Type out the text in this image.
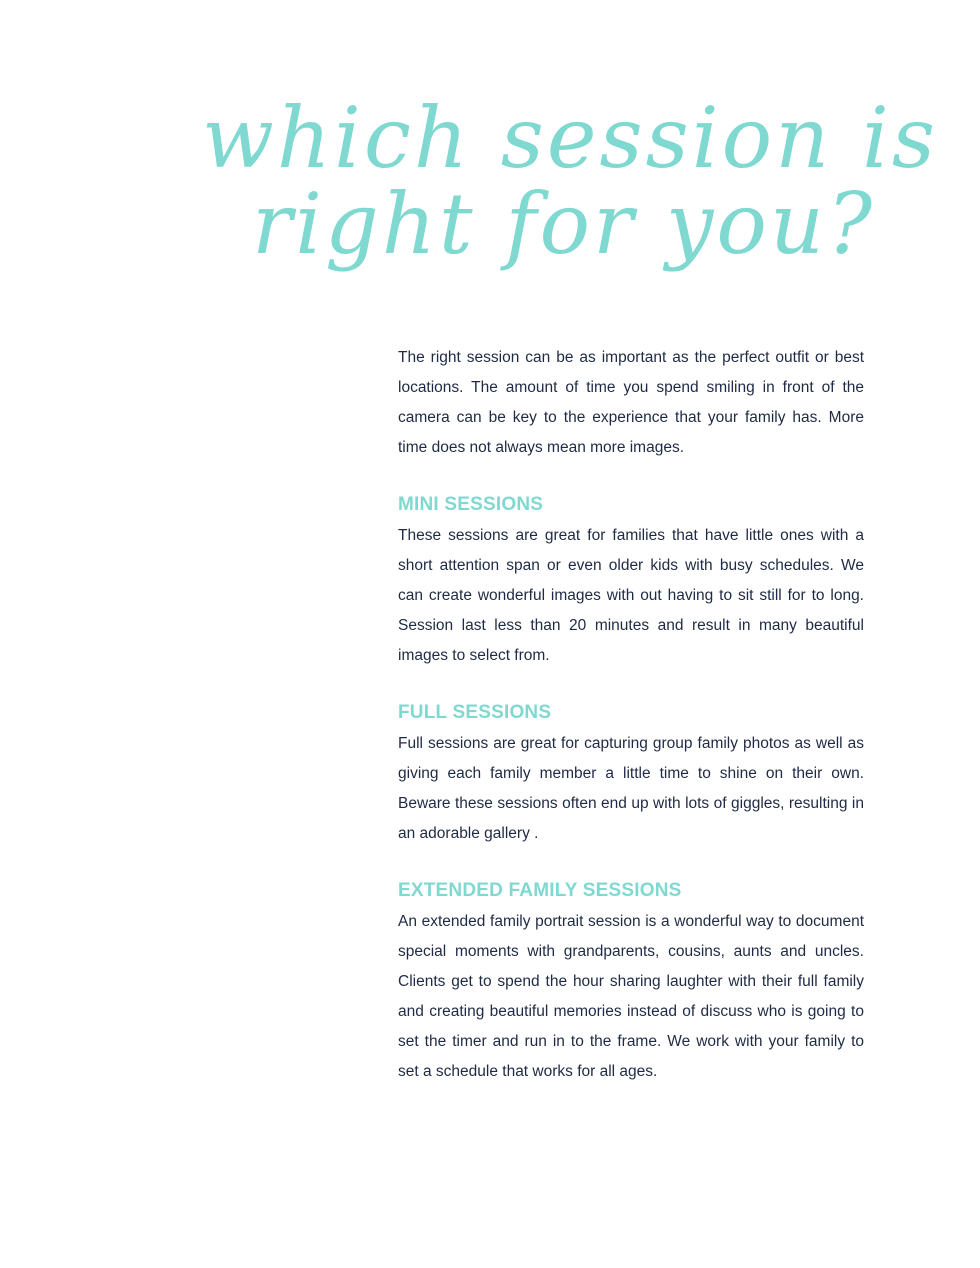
which session is
right for you?

The right session can be as important as the perfect outfit or best locations. The amount of time you spend smiling in front of the camera can be key to the experience that your family has. More time does not always mean more images.

MINI SESSIONS

These sessions are great for families that have little ones with a short attention span or even older kids with busy schedules. We can create wonderful images with out having to sit still for to long. Session last less than 20 minutes and result in many beautiful images to select from.

FULL SESSIONS

Full sessions are great for capturing group family photos as well as giving each family member a little time to shine on their own. Beware these sessions often end up with lots of giggles, resulting in an adorable gallery .

EXTENDED FAMILY SESSIONS

An extended family portrait session is a wonderful way to document special moments with grandparents, cousins, aunts and uncles. Clients get to spend the hour sharing laughter with their full family and creating beautiful memories instead of discuss who is going to set the timer and run in to the frame. We work with your family to set a schedule that works for all ages.
